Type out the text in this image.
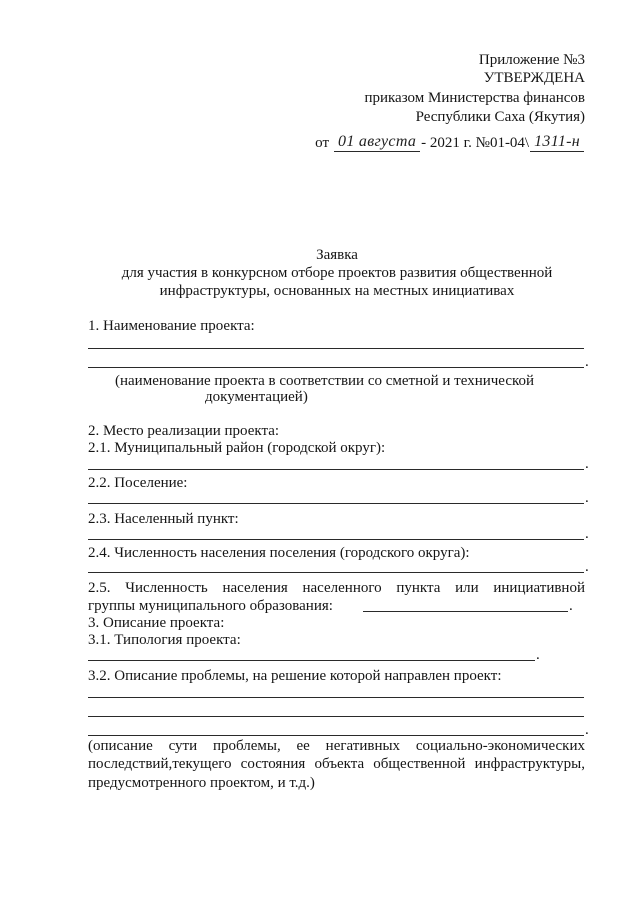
Приложение №3
УТВЕРЖДЕНА
приказом Министерства финансов
Республики Саха (Якутия)
от 01 августа - 2021 г. №01-04\ 1311-н
Заявка
для участия в конкурсном отборе проектов развития общественной
инфраструктуры, основанных на местных инициативах
1. Наименование проекта:
.
(наименование проекта в соответствии со сметной и технической
документацией)
2. Место реализации проекта:
2.1. Муниципальный район (городской округ):
.
2.2. Поселение:
.
2.3. Населенный пункт:
.
2.4. Численность населения поселения (городского округа):
.
2.5. Численность населения населенного пункта или инициативной
группы муниципального образования:	.
3. Описание проекта:
3.1. Типология проекта:
.
3.2. Описание проблемы, на решение которой направлен проект:
.
(описание сути проблемы, ее негативных социально-экономических
последствий,текущего состояния объекта общественной инфраструктуры,
предусмотренного проектом, и т.д.)
